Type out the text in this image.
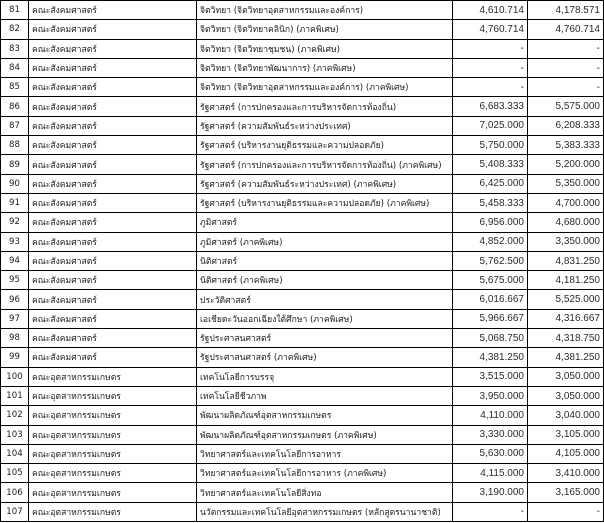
81	คณะสังคมศาสตร์	จิตวิทยา (จิตวิทยาอุตสาหกรรมและองค์การ)	4,610.714	4,178.571
82	คณะสังคมศาสตร์	จิตวิทยา (จิตวิทยาคลินิก) (ภาคพิเศษ)	4,760.714	4,760.714
83	คณะสังคมศาสตร์	จิตวิทยา (จิตวิทยาชุมชน) (ภาคพิเศษ)	-	-
84	คณะสังคมศาสตร์	จิตวิทยา (จิตวิทยาพัฒนาการ) (ภาคพิเศษ)	-	-
85	คณะสังคมศาสตร์	จิตวิทยา (จิตวิทยาอุตสาหกรรมและองค์การ) (ภาคพิเศษ)	-	-
86	คณะสังคมศาสตร์	รัฐศาสตร์ (การปกครองและการบริหารจัดการท้องถิ่น)	6,683.333	5,575.000
87	คณะสังคมศาสตร์	รัฐศาสตร์ (ความสัมพันธ์ระหว่างประเทศ)	7,025.000	6,208.333
88	คณะสังคมศาสตร์	รัฐศาสตร์ (บริหารงานยุติธรรมและความปลอดภัย)	5,750.000	5,383.333
89	คณะสังคมศาสตร์	รัฐศาสตร์ (การปกครองและการบริหารจัดการท้องถิ่น) (ภาคพิเศษ)	5,408.333	5,200.000
90	คณะสังคมศาสตร์	รัฐศาสตร์ (ความสัมพันธ์ระหว่างประเทศ) (ภาคพิเศษ)	6,425.000	5,350.000
91	คณะสังคมศาสตร์	รัฐศาสตร์ (บริหารงานยุติธรรมและความปลอดภัย) (ภาคพิเศษ)	5,458.333	4,700.000
92	คณะสังคมศาสตร์	ภูมิศาสตร์	6,956.000	4,680.000
93	คณะสังคมศาสตร์	ภูมิศาสตร์ (ภาคพิเศษ)	4,852.000	3,350.000
94	คณะสังคมศาสตร์	นิติศาสตร์	5,762.500	4,831.250
95	คณะสังคมศาสตร์	นิติศาสตร์ (ภาคพิเศษ)	5,675.000	4,181.250
96	คณะสังคมศาสตร์	ประวัติศาสตร์	6,016.667	5,525.000
97	คณะสังคมศาสตร์	เอเชียตะวันออกเฉียงใต้ศึกษา (ภาคพิเศษ)	5,966.667	4,316.667
98	คณะสังคมศาสตร์	รัฐประศาสนศาสตร์	5,068.750	4,318.750
99	คณะสังคมศาสตร์	รัฐประศาสนศาสตร์ (ภาคพิเศษ)	4,381.250	4,381.250
100	คณะอุตสาหกรรมเกษตร	เทคโนโลยีการบรรจุ	3,515.000	3,050.000
101	คณะอุตสาหกรรมเกษตร	เทคโนโลยีชีวภาพ	3,950.000	3,050.000
102	คณะอุตสาหกรรมเกษตร	พัฒนาผลิตภัณฑ์อุตสาหกรรมเกษตร	4,110.000	3,040.000
103	คณะอุตสาหกรรมเกษตร	พัฒนาผลิตภัณฑ์อุตสาหกรรมเกษตร (ภาคพิเศษ)	3,330.000	3,105.000
104	คณะอุตสาหกรรมเกษตร	วิทยาศาสตร์และเทคโนโลยีการอาหาร	5,630.000	4,105.000
105	คณะอุตสาหกรรมเกษตร	วิทยาศาสตร์และเทคโนโลยีการอาหาร (ภาคพิเศษ)	4,115.000	3,410.000
106	คณะอุตสาหกรรมเกษตร	วิทยาศาสตร์และเทคโนโลยีสิ่งทอ	3,190.000	3,165.000
107	คณะอุตสาหกรรมเกษตร	นวัตกรรมและเทคโนโลยีอุตสาหกรรมเกษตร (หลักสูตรนานาชาติ)	-	-
